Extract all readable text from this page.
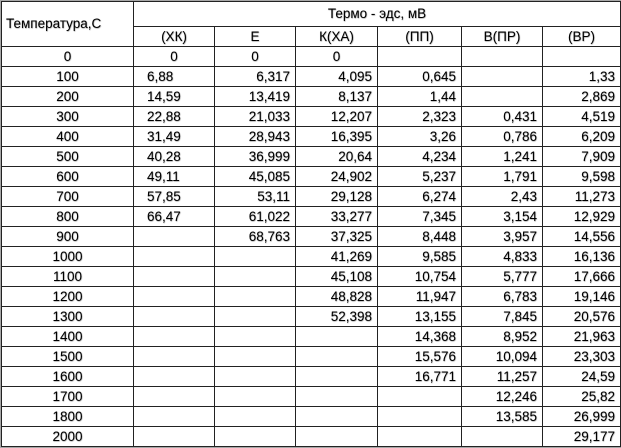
Температура,С	Термо - эдс, мВ					
	(ХК)	Е	К(ХА)	(ПП)	В(ПР)	(ВР)
0	0	0	0			
100	6,88	6,317	4,095	0,645		1,33
200	14,59	13,419	8,137	1,44		2,869
300	22,88	21,033	12,207	2,323	0,431	4,519
400	31,49	28,943	16,395	3,26	0,786	6,209
500	40,28	36,999	20,64	4,234	1,241	7,909
600	49,11	45,085	24,902	5,237	1,791	9,598
700	57,85	53,11	29,128	6,274	2,43	11,273
800	66,47	61,022	33,277	7,345	3,154	12,929
900		68,763	37,325	8,448	3,957	14,556
1000			41,269	9,585	4,833	16,136
1100			45,108	10,754	5,777	17,666
1200			48,828	11,947	6,783	19,146
1300			52,398	13,155	7,845	20,576
1400				14,368	8,952	21,963
1500				15,576	10,094	23,303
1600				16,771	11,257	24,59
1700					12,246	25,82
1800					13,585	26,999
2000						29,177
